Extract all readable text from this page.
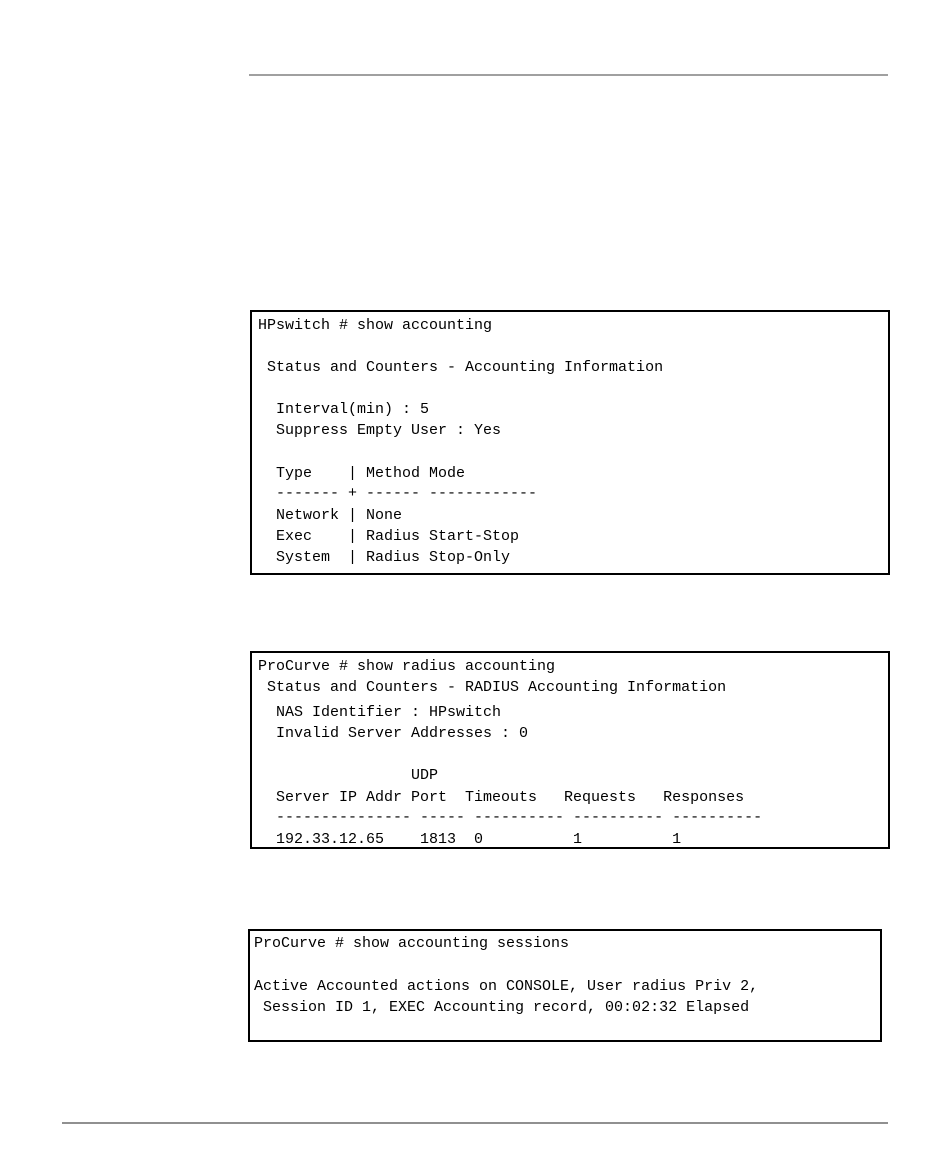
HPswitch # show accounting
Status and Counters - Accounting Information
Interval(min) : 5
Suppress Empty User : Yes
Type    | Method Mode
------- + ------ ------------
Network | None
Exec    | Radius Start-Stop
System  | Radius Stop-Only
ProCurve # show radius accounting
Status and Counters - RADIUS Accounting Information
NAS Identifier : HPswitch
Invalid Server Addresses : 0
UDP
Server IP Addr Port  Timeouts   Requests   Responses
--------------- ----- ---------- ---------- ----------
192.33.12.65    1813  0          1          1
ProCurve # show accounting sessions
Active Accounted actions on CONSOLE, User radius Priv 2,
Session ID 1, EXEC Accounting record, 00:02:32 Elapsed
